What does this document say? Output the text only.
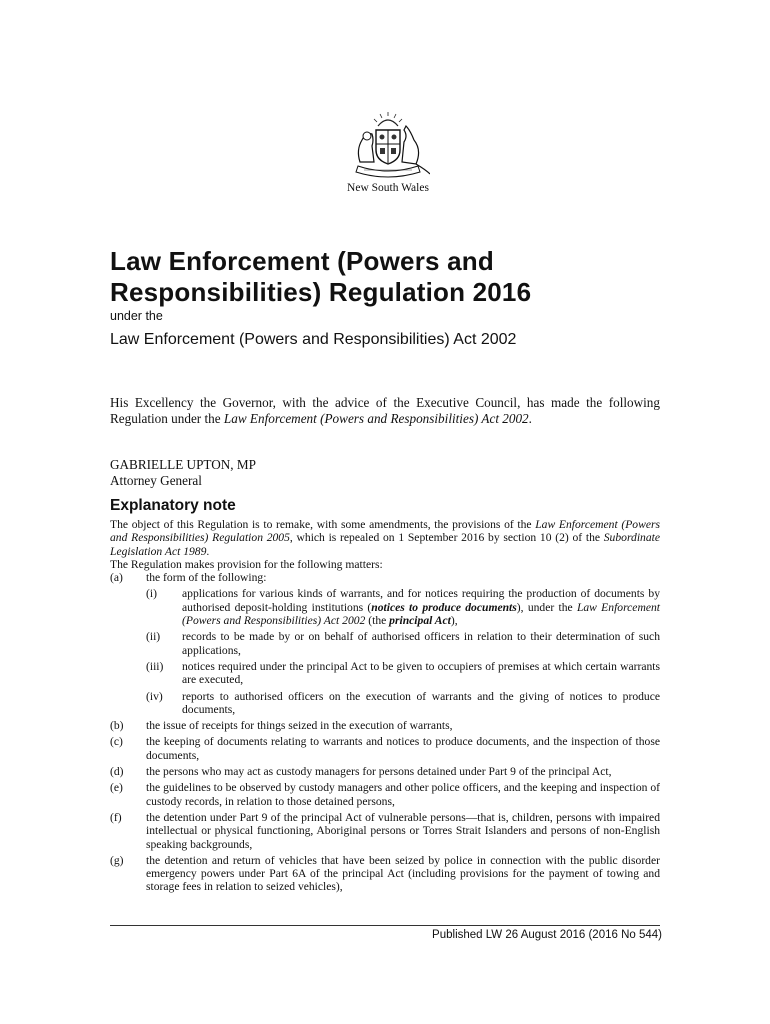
New South Wales
Law Enforcement (Powers and
Responsibilities) Regulation 2016
under the
Law Enforcement (Powers and Responsibilities) Act 2002
His Excellency the Governor, with the advice of the Executive Council, has made the following Regulation under the Law Enforcement (Powers and Responsibilities) Act 2002.
GABRIELLE UPTON, MP
Attorney General
Explanatory note

The object of this Regulation is to remake, with some amendments, the provisions of the Law Enforcement (Powers and Responsibilities) Regulation 2005, which is repealed on 1 September 2016 by section 10 (2) of the Subordinate Legislation Act 1989.

The Regulation makes provision for the following matters:

(a)	the form of the following:
(i)	applications for various kinds of warrants, and for notices requiring the production of documents by authorised deposit-holding institutions (notices to produce documents), under the Law Enforcement (Powers and Responsibilities) Act 2002 (the principal Act),
(ii)	records to be made by or on behalf of authorised officers in relation to their determination of such applications,
(iii)	notices required under the principal Act to be given to occupiers of premises at which certain warrants are executed,
(iv)	reports to authorised officers on the execution of warrants and the giving of notices to produce documents,
(b)	the issue of receipts for things seized in the execution of warrants,
(c)	the keeping of documents relating to warrants and notices to produce documents, and the inspection of those documents,
(d)	the persons who may act as custody managers for persons detained under Part 9 of the principal Act,
(e)	the guidelines to be observed by custody managers and other police officers, and the keeping and inspection of custody records, in relation to those detained persons,
(f)	the detention under Part 9 of the principal Act of vulnerable persons—that is, children, persons with impaired intellectual or physical functioning, Aboriginal persons or Torres Strait Islanders and persons of non-English speaking backgrounds,
(g)	the detention and return of vehicles that have been seized by police in connection with the public disorder emergency powers under Part 6A of the principal Act (including provisions for the payment of towing and storage fees in relation to seized vehicles),
Published LW 26 August 2016 (2016 No 544)
